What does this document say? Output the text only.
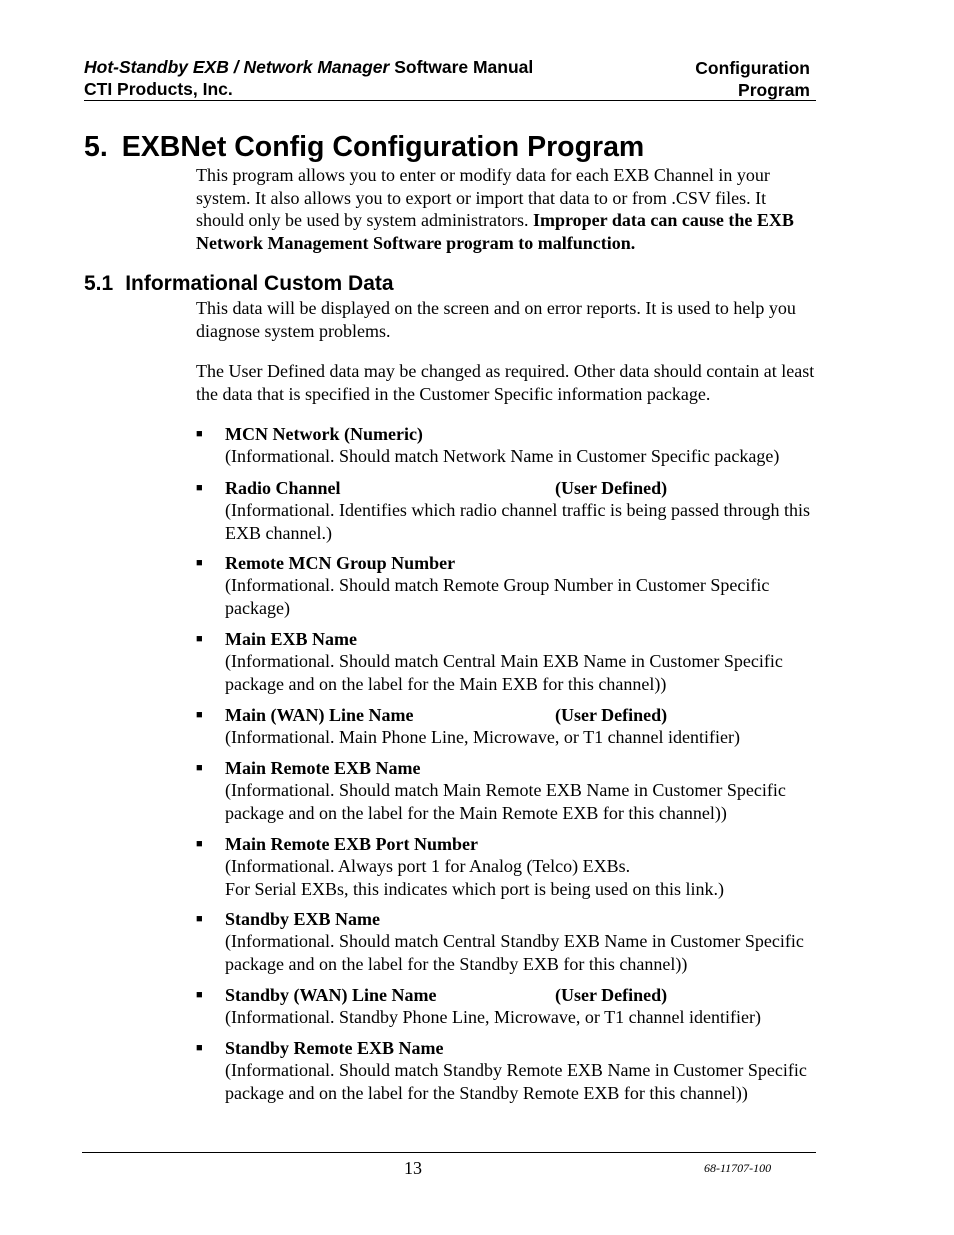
Hot-Standby EXB / Network Manager Software Manual
CTI Products, Inc.
Configuration
Program
5. EXBNet Config Configuration Program

This program allows you to enter or modify data for each EXB Channel in your system. It also allows you to export or import that data to or from .CSV files. It should only be used by system administrators. Improper data can cause the EXB Network Management Software program to malfunction.

5.1 Informational Custom Data

This data will be displayed on the screen and on error reports. It is used to help you diagnose system problems.

The User Defined data may be changed as required. Other data should contain at least the data that is specified in the Customer Specific information package.

■	MCN Network (Numeric)
(Informational. Should match Network Name in Customer Specific package)
■	Radio Channel	(User Defined)
(Informational. Identifies which radio channel traffic is being passed through this EXB channel.)
■	Remote MCN Group Number
(Informational. Should match Remote Group Number in Customer Specific package)
■	Main EXB Name
(Informational. Should match Central Main EXB Name in Customer Specific package and on the label for the Main EXB for this channel))
■	Main (WAN) Line Name	(User Defined)
(Informational. Main Phone Line, Microwave, or T1 channel identifier)
■	Main Remote EXB Name
(Informational. Should match Main Remote EXB Name in Customer Specific package and on the label for the Main Remote EXB for this channel))
■	Main Remote EXB Port Number
(Informational. Always port 1 for Analog (Telco) EXBs.
For Serial EXBs, this indicates which port is being used on this link.)
■	Standby EXB Name
(Informational. Should match Central Standby EXB Name in Customer Specific package and on the label for the Standby EXB for this channel))
■	Standby (WAN) Line Name	(User Defined)
(Informational. Standby Phone Line, Microwave, or T1 channel identifier)
■	Standby Remote EXB Name
(Informational. Should match Standby Remote EXB Name in Customer Specific package and on the label for the Standby Remote EXB for this channel))
13	68-11707-100
